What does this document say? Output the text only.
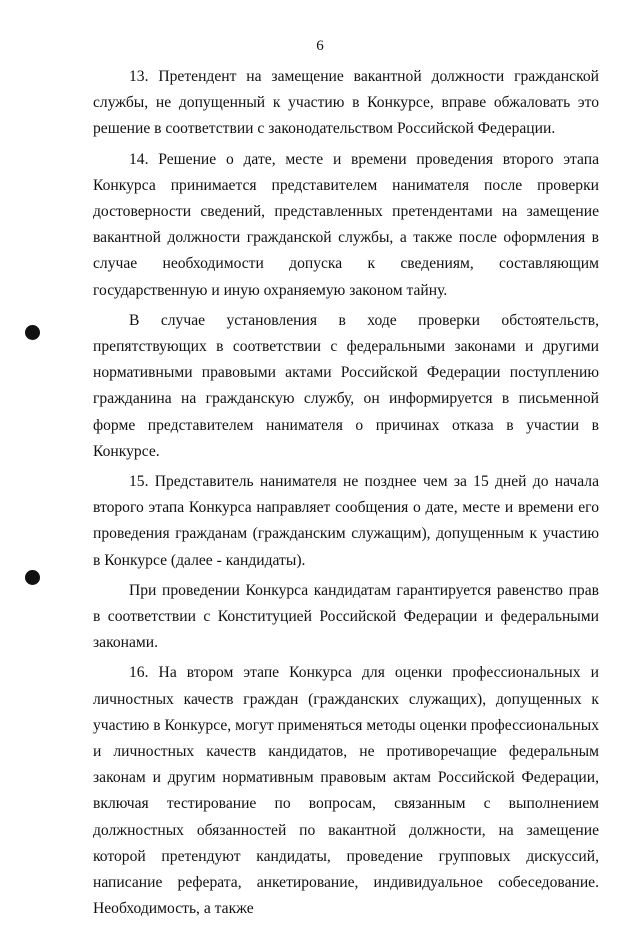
6

13. Претендент на замещение вакантной должности гражданской службы, не допущенный к участию в Конкурсе, вправе обжаловать это решение в соответствии с законодательством Российской Федерации.

14. Решение о дате, месте и времени проведения второго этапа Конкурса принимается представителем нанимателя после проверки достоверности сведений, представленных претендентами на замещение вакантной должности гражданской службы, а также после оформления в случае необходимости допуска к сведениям, составляющим государственную и иную охраняемую законом тайну.

В случае установления в ходе проверки обстоятельств, препятствующих в соответствии с федеральными законами и другими нормативными правовыми актами Российской Федерации поступлению гражданина на гражданскую службу, он информируется в письменной форме представителем нанимателя о причинах отказа в участии в Конкурсе.

15. Представитель нанимателя не позднее чем за 15 дней до начала второго этапа Конкурса направляет сообщения о дате, месте и времени его проведения гражданам (гражданским служащим), допущенным к участию в Конкурсе (далее - кандидаты).

При проведении Конкурса кандидатам гарантируется равенство прав в соответствии с Конституцией Российской Федерации и федеральными законами.

16. На втором этапе Конкурса для оценки профессиональных и личностных качеств граждан (гражданских служащих), допущенных к участию в Конкурсе, могут применяться методы оценки профессиональных и личностных качеств кандидатов, не противоречащие федеральным законам и другим нормативным правовым актам Российской Федерации, включая тестирование по вопросам, связанным с выполнением должностных обязанностей по вакантной должности, на замещение которой претендуют кандидаты, проведение групповых дискуссий, написание реферата, анкетирование, индивидуальное собеседование. Необходимость, а также
